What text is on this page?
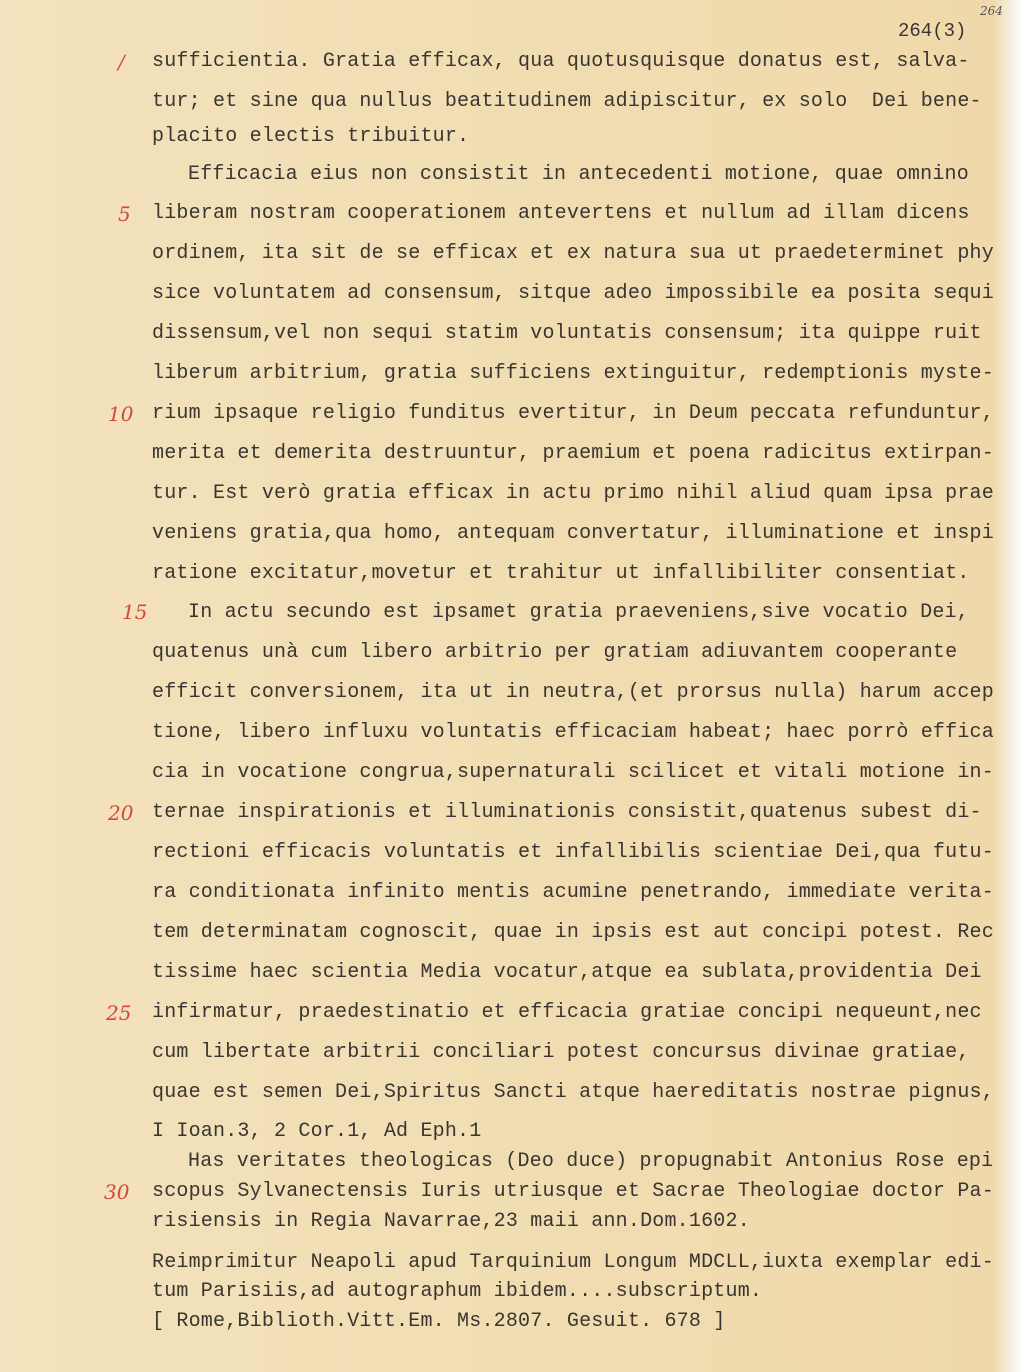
264
264(3)
/
5
10
15
20
25
30
sufficientia. Gratia efficax, qua quotusquisque donatus est, salva-
tur; et sine qua nullus beatitudinem adipiscitur, ex solo  Dei bene-
placito electis tribuitur.
Efficacia eius non consistit in antecedenti motione, quae omnino
liberam nostram cooperationem antevertens et nullum ad illam dicens
ordinem, ita sit de se efficax et ex natura sua ut praedeterminet phy
sice voluntatem ad consensum, sitque adeo impossibile ea posita sequi
dissensum,vel non sequi statim voluntatis consensum; ita quippe ruit
liberum arbitrium, gratia sufficiens extinguitur, redemptionis myste-
rium ipsaque religio funditus evertitur, in Deum peccata refunduntur,
merita et demerita destruuntur, praemium et poena radicitus extirpan-
tur. Est verò gratia efficax in actu primo nihil aliud quam ipsa prae
veniens gratia,qua homo, antequam convertatur, illuminatione et inspi
ratione excitatur,movetur et trahitur ut infallibiliter consentiat.
In actu secundo est ipsamet gratia praeveniens,sive vocatio Dei,
quatenus unà cum libero arbitrio per gratiam adiuvantem cooperante
efficit conversionem, ita ut in neutra,(et prorsus nulla) harum accep
tione, libero influxu voluntatis efficaciam habeat; haec porrò effica
cia in vocatione congrua,supernaturali scilicet et vitali motione in-
ternae inspirationis et illuminationis consistit,quatenus subest di-
rectioni efficacis voluntatis et infallibilis scientiae Dei,qua futu-
ra conditionata infinito mentis acumine penetrando, immediate verita-
tem determinatam cognoscit, quae in ipsis est aut concipi potest. Rec
tissime haec scientia Media vocatur,atque ea sublata,providentia Dei
infirmatur, praedestinatio et efficacia gratiae concipi nequeunt,nec
cum libertate arbitrii conciliari potest concursus divinae gratiae,
quae est semen Dei,Spiritus Sancti atque haereditatis nostrae pignus,
I Ioan.3, 2 Cor.1, Ad Eph.1
Has veritates theologicas (Deo duce) propugnabit Antonius Rose epi
scopus Sylvanectensis Iuris utriusque et Sacrae Theologiae doctor Pa-
risiensis in Regia Navarrae,23 maii ann.Dom.1602.
Reimprimitur Neapoli apud Tarquinium Longum MDCLL,iuxta exemplar edi-
tum Parisiis,ad autographum ibidem....subscriptum.
[ Rome,Biblioth.Vitt.Em. Ms.2807. Gesuit. 678 ]
